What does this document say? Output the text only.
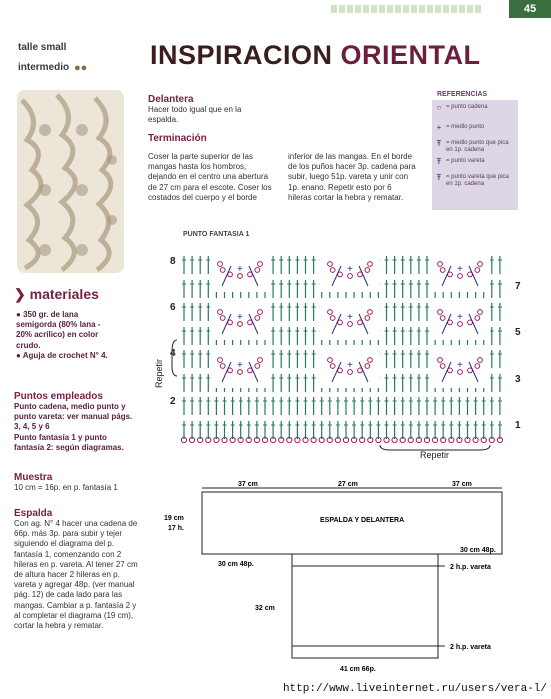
45
talle small
intermedio ●● INSPIRACION ORIENTAL
Delantera
Hacer todo igual que en la espalda.
Terminación
Coser la parte superior de las mangas hasta los hombros, dejando en el centro una abertura de 27 cm para el escote. Coser los costados del cuerpo y el borde inferior de las mangas. En el borde de los puños hacer 3p. cadena para subir, luego 51p. vareta y unir con 1p. enano. Repetir esto por 6 hileras cortar la hebra y rematar.
REFERENCIAS
○ = punto cadena
+ = medio punto
Ŧ = medio punto que pica en 1p. cadena
Ŧ = punto vareta
Ŧ = punto vareta que pica en 1p. cadena
❯ materiales
● 350 gr. de lana semigorda (80% lana - 20% acrílico) en color crudo.
● Aguja de crochet N° 4.
Puntos empleados
Punto cadena, medio punto y punto vareta: ver manual págs. 3, 4, 5 y 6
Punto fantasía 1 y punto fantasía 2: según diagramas.
Muestra
10 cm = 16p. en p. fantasía 1
Espalda
Con ag. N° 4 hacer una cadena de 66p. más 3p. para subir y tejer siguiendo el diagrama del p. fantasía 1, comenzando con 2 hileras en p. vareta. Al tener 27 cm de altura hacer 2 hileras en p. vareta y agregar 48p. (ver manual pág. 12) de cada lado para las mangas. Cambiar a p. fantasía 2 y al completar el diagrama (19 cm), cortar la hebra y rematar.
PUNTO FANTASIA 1
+	+	+
+	+	+
+	+	+
8
6
4
2
7
5
3
1
Repetir
Repetir
37 cm	27 cm	37 cm
19 cm
17 h.
ESPALDA Y DELANTERA
30 cm 48p.
30 cm 48p.
32 cm
2 h.p. vareta
2 h.p. vareta
41 cm 66p.
http://www.liveinternet.ru/users/vera-l/
